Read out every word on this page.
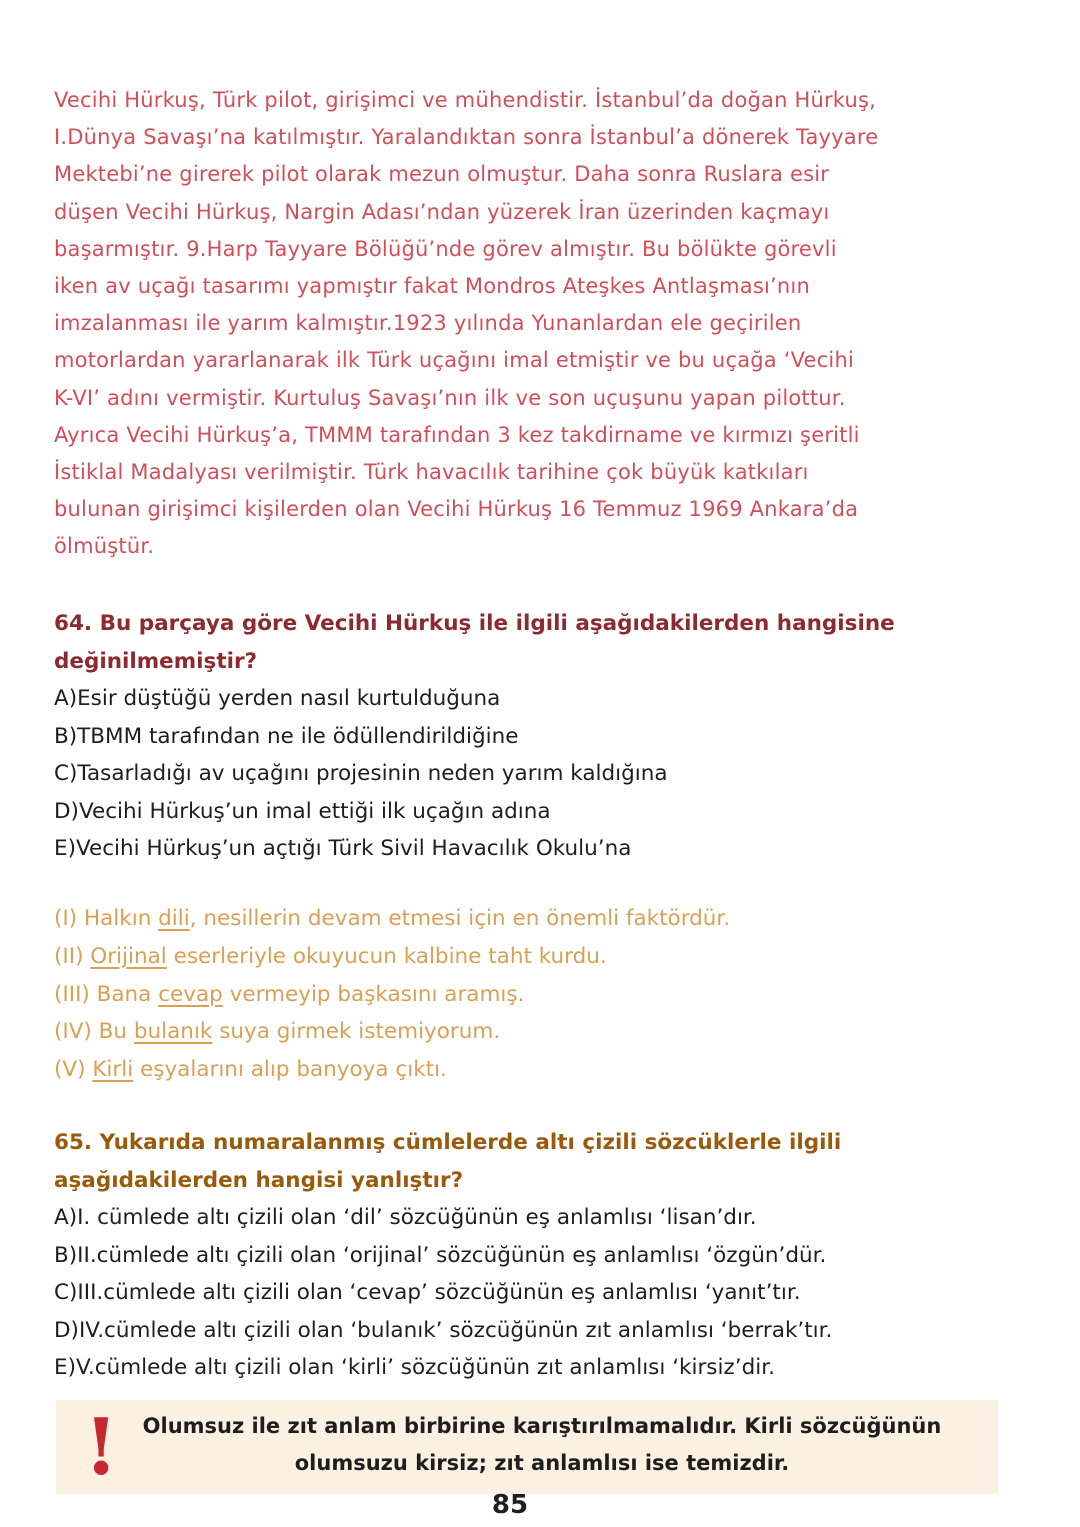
Vecihi Hürkuş, Türk pilot, girişimci ve mühendistir. İstanbul’da doğan Hürkuş,
I.Dünya Savaşı’na katılmıştır. Yaralandıktan sonra İstanbul’a dönerek Tayyare
Mektebi’ne girerek pilot olarak mezun olmuştur. Daha sonra Ruslara esir
düşen Vecihi Hürkuş, Nargin Adası’ndan yüzerek İran üzerinden kaçmayı
başarmıştır. 9.Harp Tayyare Bölüğü’nde görev almıştır. Bu bölükte görevli
iken av uçağı tasarımı yapmıştır fakat Mondros Ateşkes Antlaşması’nın
imzalanması ile yarım kalmıştır.1923 yılında Yunanlardan ele geçirilen
motorlardan yararlanarak ilk Türk uçağını imal etmiştir ve bu uçağa ‘Vecihi
K-VI’ adını vermiştir. Kurtuluş Savaşı’nın ilk ve son uçuşunu yapan pilottur.
Ayrıca Vecihi Hürkuş’a, TMMM tarafından 3 kez takdirname ve kırmızı şeritli
İstiklal Madalyası verilmiştir. Türk havacılık tarihine çok büyük katkıları
bulunan girişimci kişilerden olan Vecihi Hürkuş 16 Temmuz 1969 Ankara’da
ölmüştür.
64. Bu parçaya göre Vecihi Hürkuş ile ilgili aşağıdakilerden hangisine
değinilmemiştir?
A)Esir düştüğü yerden nasıl kurtulduğuna
B)TBMM tarafından ne ile ödüllendirildiğine
C)Tasarladığı av uçağını projesinin neden yarım kaldığına
D)Vecihi Hürkuş’un imal ettiği ilk uçağın adına
E)Vecihi Hürkuş’un açtığı Türk Sivil Havacılık Okulu’na
(I) Halkın dili, nesillerin devam etmesi için en önemli faktördür.
(II) Orijinal eserleriyle okuyucun kalbine taht kurdu.
(III) Bana cevap vermeyip başkasını aramış.
(IV) Bu bulanık suya girmek istemiyorum.
(V) Kirli eşyalarını alıp banyoya çıktı.
65. Yukarıda numaralanmış cümlelerde altı çizili sözcüklerle ilgili
aşağıdakilerden hangisi yanlıştır?
A)I. cümlede altı çizili olan ‘dil’ sözcüğünün eş anlamlısı ‘lisan’dır.
B)II.cümlede altı çizili olan ‘orijinal’ sözcüğünün eş anlamlısı ‘özgün’dür.
C)III.cümlede altı çizili olan ‘cevap’ sözcüğünün eş anlamlısı ‘yanıt’tır.
D)IV.cümlede altı çizili olan ‘bulanık’ sözcüğünün zıt anlamlısı ‘berrak’tır.
E)V.cümlede altı çizili olan ‘kirli’ sözcüğünün zıt anlamlısı ‘kirsiz’dir.
!	Olumsuz ile zıt anlam birbirine karıştırılmamalıdır. Kirli sözcüğünün
olumsuzu kirsiz; zıt anlamlısı ise temizdir.
85
